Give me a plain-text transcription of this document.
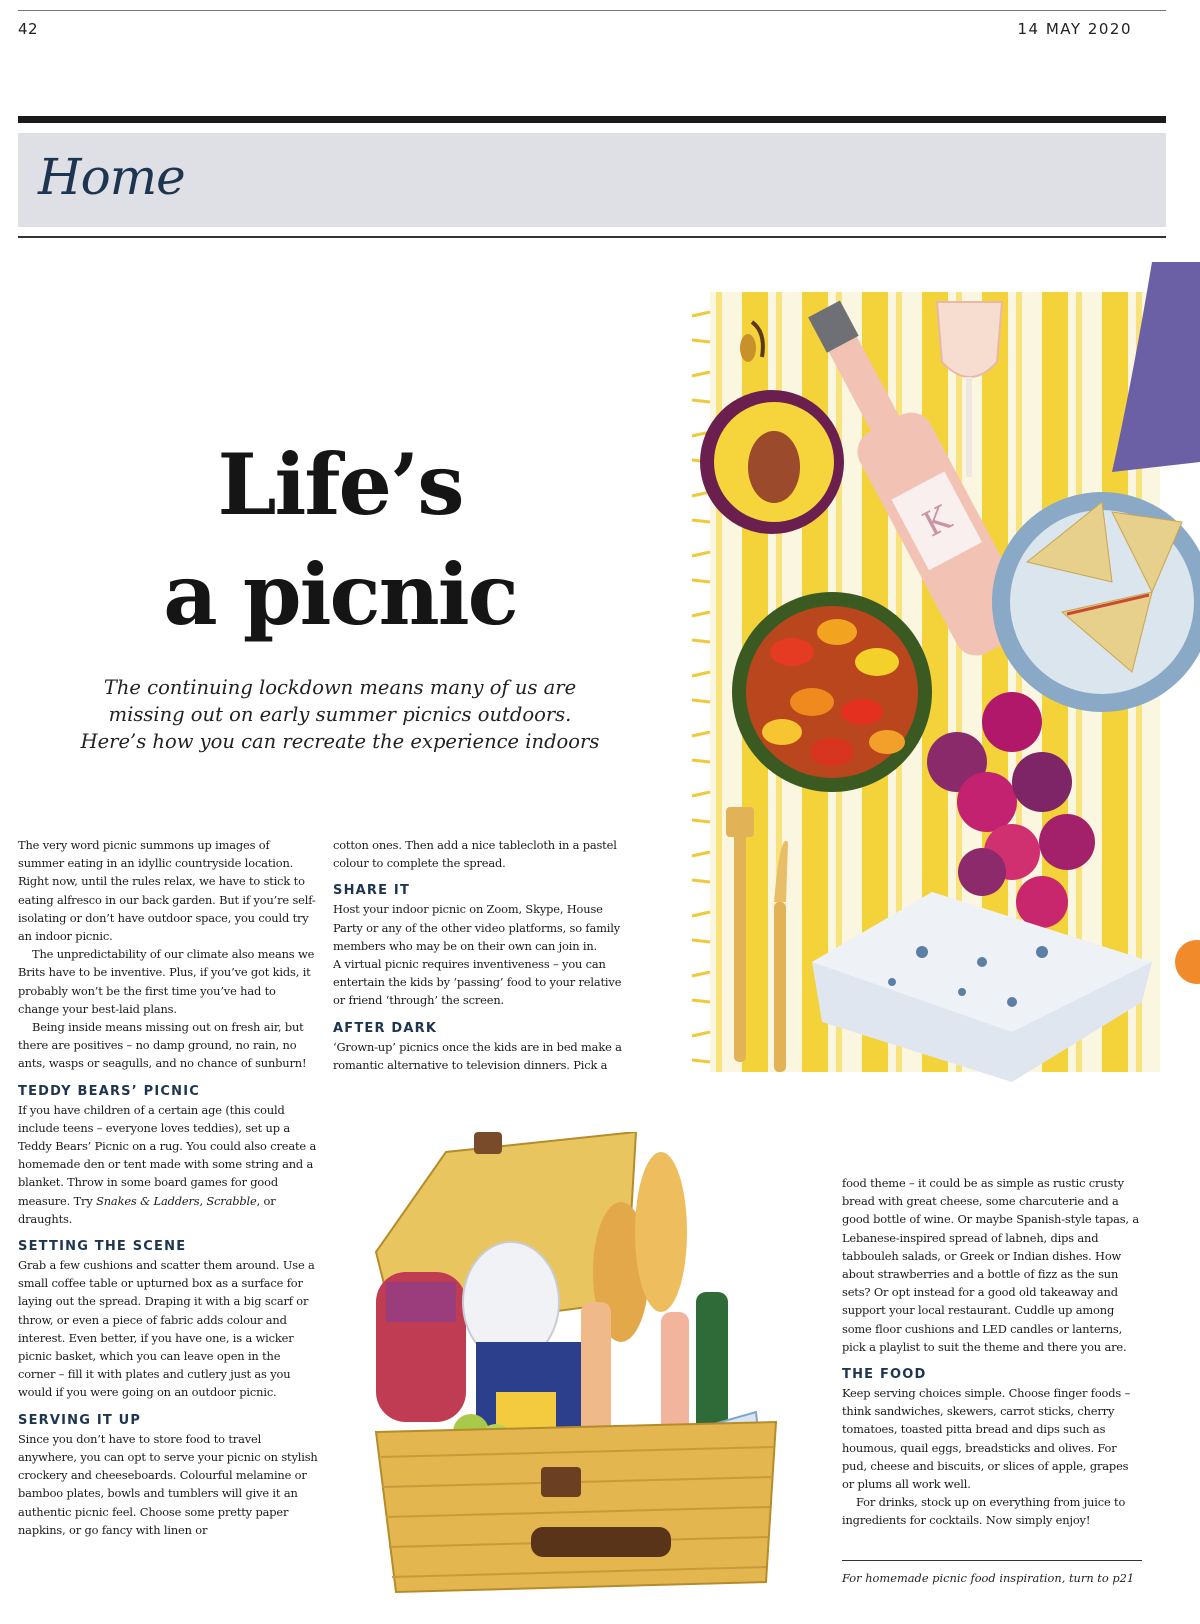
42	14 MAY 2020
Home
Life’s
a picnic
The continuing lockdown means many of us are
missing out on early summer picnics outdoors.
Here’s how you can recreate the experience indoors
K

The very word picnic summons up images of summer eating in an idyllic countryside location. Right now, until the rules relax, we have to stick to eating alfresco in our back garden. But if you’re self-isolating or don’t have outdoor space, you could try an indoor picnic.

The unpredictability of our climate also means we Brits have to be inventive. Plus, if you’ve got kids, it probably won’t be the first time you’ve had to change your best-laid plans.

Being inside means missing out on fresh air, but there are positives – no damp ground, no rain, no ants, wasps or seagulls, and no chance of sunburn!

TEDDY BEARS’ PICNIC

If you have children of a certain age (this could include teens – everyone loves teddies), set up a Teddy Bears’ Picnic on a rug. You could also create a homemade den or tent made with some string and a blanket. Throw in some board games for good measure. Try Snakes & Ladders, Scrabble, or draughts.

SETTING THE SCENE

Grab a few cushions and scatter them around. Use a small coffee table or upturned box as a surface for laying out the spread. Draping it with a big scarf or throw, or even a piece of fabric adds colour and interest. Even better, if you have one, is a wicker picnic basket, which you can leave open in the corner – fill it with plates and cutlery just as you would if you were going on an outdoor picnic.

SERVING IT UP

Since you don’t have to store food to travel anywhere, you can opt to serve your picnic on stylish crockery and cheeseboards. Colourful melamine or bamboo plates, bowls and tumblers will give it an authentic picnic feel. Choose some pretty paper napkins, or go fancy with linen or

cotton ones. Then add a nice tablecloth in a pastel colour to complete the spread.

SHARE IT

Host your indoor picnic on Zoom, Skype, House Party or any of the other video platforms, so family members who may be on their own can join in.

A virtual picnic requires inventiveness – you can entertain the kids by ‘passing’ food to your relative or friend ‘through’ the screen.

AFTER DARK

‘Grown-up’ picnics once the kids are in bed make a romantic alternative to television dinners. Pick a

food theme – it could be as simple as rustic crusty bread with great cheese, some charcuterie and a good bottle of wine. Or maybe Spanish-style tapas, a Lebanese-inspired spread of labneh, dips and tabbouleh salads, or Greek or Indian dishes. How about strawberries and a bottle of fizz as the sun sets? Or opt instead for a good old takeaway and support your local restaurant. Cuddle up among some floor cushions and LED candles or lanterns, pick a playlist to suit the theme and there you are.

THE FOOD

Keep serving choices simple. Choose finger foods – think sandwiches, skewers, carrot sticks, cherry tomatoes, toasted pitta bread and dips such as houmous, quail eggs, breadsticks and olives. For pud, cheese and biscuits, or slices of apple, grapes or plums all work well.

For drinks, stock up on everything from juice to ingredients for cocktails. Now simply enjoy!

For homemade picnic food inspiration, turn to p21
